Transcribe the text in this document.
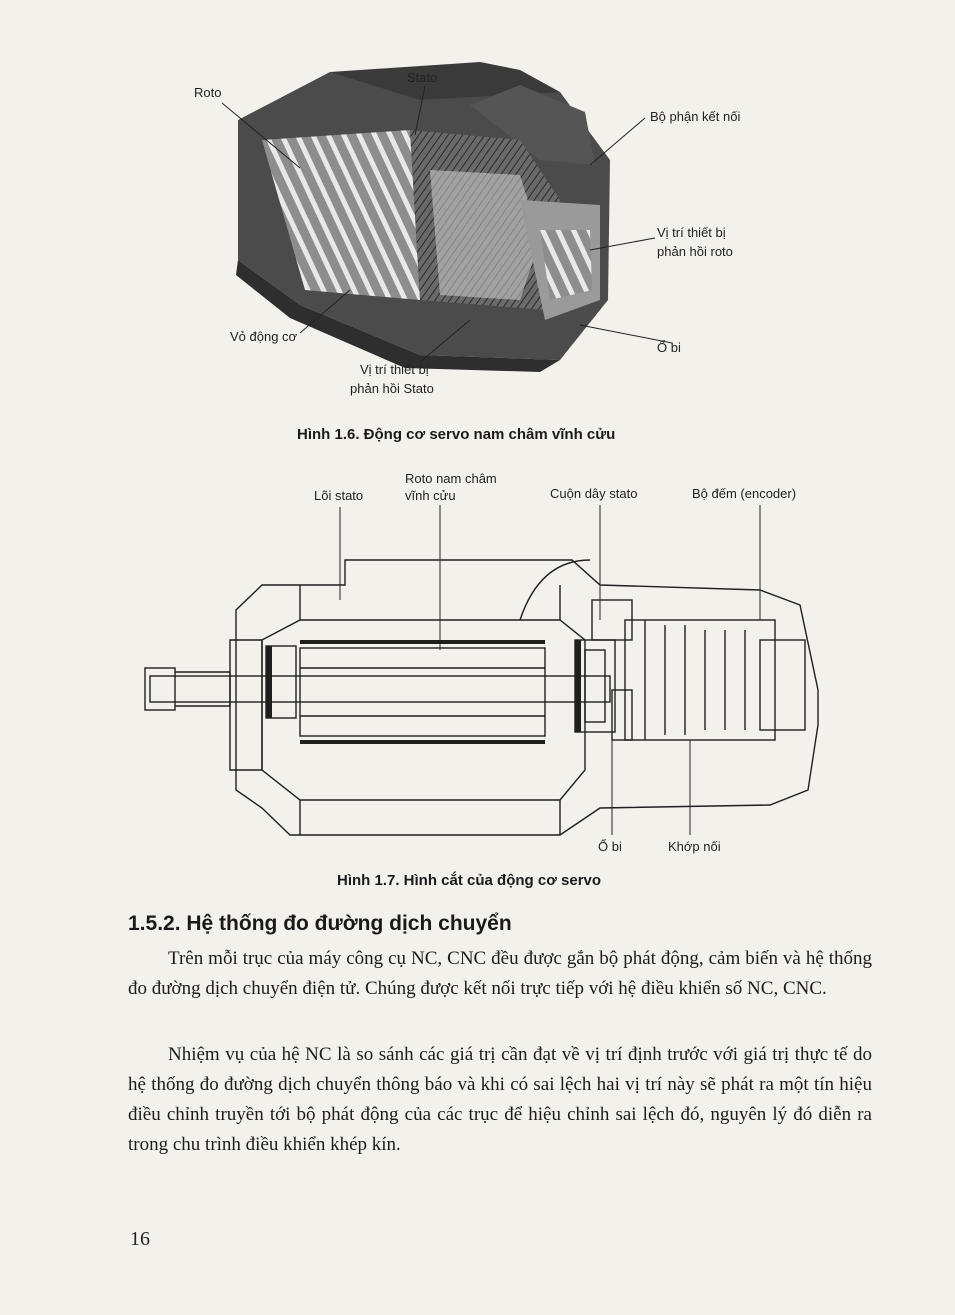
Roto
Stato
Bộ phận kết nối
Vị trí thiết bị
phản hồi roto
Vỏ động cơ
Ổ bi
Vị trí thiết bị
phản hồi Stato
Hình 1.6. Động cơ servo nam châm vĩnh cửu
Roto nam châm
vĩnh cửu
Lõi stato	Cuộn dây stato	Bộ đếm (encoder)
Ổ bi	Khớp nối
Hình 1.7. Hình cắt của động cơ servo
1.5.2. Hệ thống đo đường dịch chuyển

Trên mỗi trục của máy công cụ NC, CNC đều được gắn bộ phát động, cảm biến và hệ thống đo đường dịch chuyển điện tử. Chúng được kết nối trực tiếp với hệ điều khiển số NC, CNC.

Nhiệm vụ của hệ NC là so sánh các giá trị cần đạt về vị trí định trước với giá trị thực tế do hệ thống đo đường dịch chuyển thông báo và khi có sai lệch hai vị trí này sẽ phát ra một tín hiệu điều chỉnh truyền tới bộ phát động của các trục để hiệu chỉnh sai lệch đó, nguyên lý đó diễn ra trong chu trình điều khiển khép kín.

16
